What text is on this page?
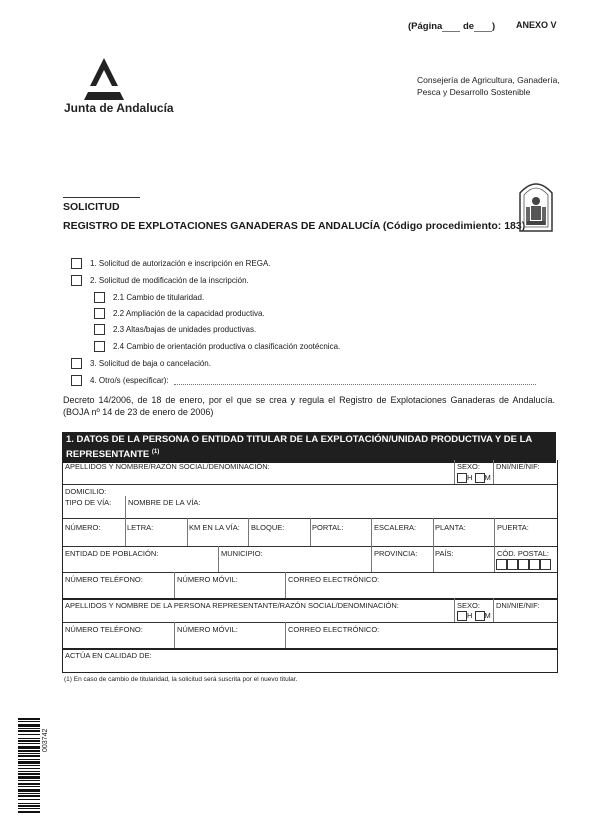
(Página de ) ANEXO V
Junta de Andalucía
Consejería de Agricultura, Ganadería,
Pesca y Desarrollo Sostenible
SOLICITUD
REGISTRO DE EXPLOTACIONES GANADERAS DE ANDALUCÍA (Código procedimiento: 183)
1. Solicitud de autorización e inscripción en REGA.
2. Solicitud de modificación de la inscripción.
2.1 Cambio de titularidad.
2.2 Ampliación de la capacidad productiva.
2.3 Altas/bajas de unidades productivas.
2.4 Cambio de orientación productiva o clasificación zootécnica.
3. Solicitud de baja o cancelación.
4. Otro/s (especificar):
Decreto 14/2006, de 18 de enero, por el que se crea y regula el Registro de Explotaciones Ganaderas de Andalucía. (BOJA nº 14 de 23 de enero de 2006)
1. DATOS DE LA PERSONA O ENTIDAD TITULAR DE LA EXPLOTACIÓN/UNIDAD PRODUCTIVA Y DE LA REPRESENTANTE $^{(1)}$
APELLIDOS Y NOMBRE/RAZÓN SOCIAL/DENOMINACIÓN:	SEXO:
H M
DNI/NIE/NIF:
DOMICILIO:
TIPO DE VÍA: NOMBRE DE LA VÍA:
NÚMERO:	LETRA:	KM EN LA VÍA: BLOQUE:	PORTAL:	ESCALERA:	PLANTA:	PUERTA:
ENTIDAD DE POBLACIÓN:	MUNICIPIO:	PROVINCIA: PAÍS:	CÓD. POSTAL:
NÚMERO TELÉFONO:	NÚMERO MÓVIL:	CORREO ELECTRÓNICO:
APELLIDOS Y NOMBRE DE LA PERSONA REPRESENTANTE/RAZÓN SOCIAL/DENOMINACIÓN:	SEXO:
H M
DNI/NIE/NIF:
NÚMERO TELÉFONO:	NÚMERO MÓVIL:	CORREO ELECTRÓNICO:
ACTÚA EN CALIDAD DE:
(1) En caso de cambio de titularidad, la solicitud será suscrita por el nuevo titular.
003742
